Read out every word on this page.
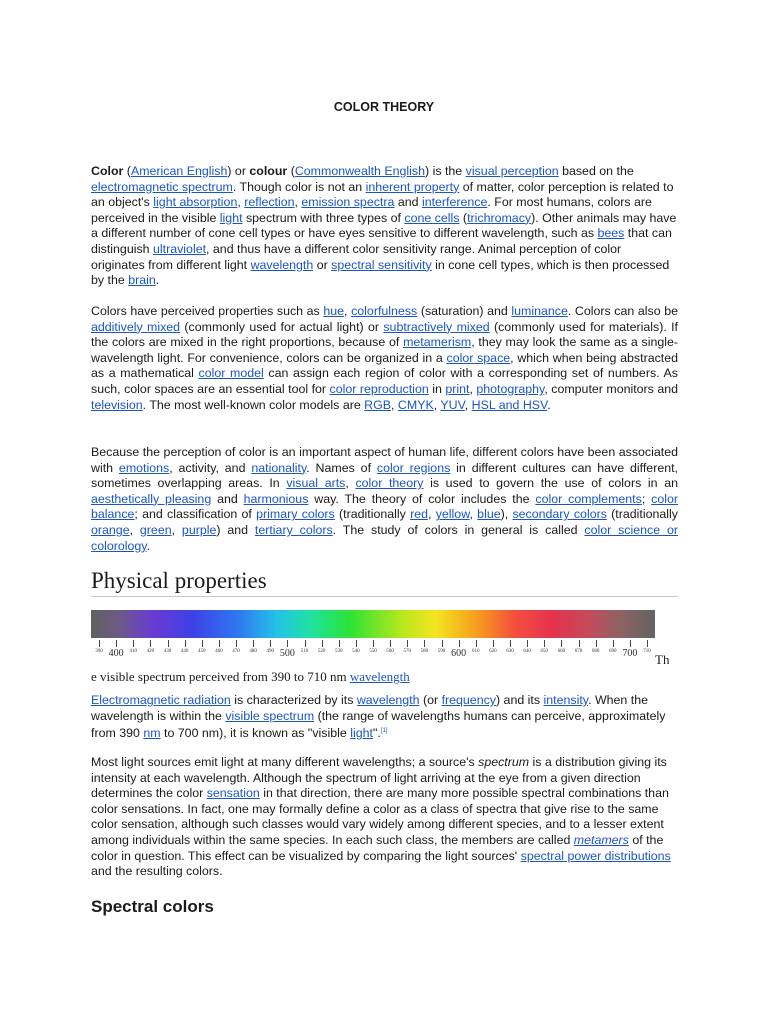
COLOR THEORY
Color (American English) or colour (Commonwealth English) is the visual perception based on the electromagnetic spectrum. Though color is not an inherent property of matter, color perception is related to an object's light absorption, reflection, emission spectra and interference. For most humans, colors are perceived in the visible light spectrum with three types of cone cells (trichromacy). Other animals may have a different number of cone cell types or have eyes sensitive to different wavelength, such as bees that can distinguish ultraviolet, and thus have a different color sensitivity range. Animal perception of color originates from different light wavelength or spectral sensitivity in cone cell types, which is then processed by the brain.
Colors have perceived properties such as hue, colorfulness (saturation) and luminance. Colors can also be additively mixed (commonly used for actual light) or subtractively mixed (commonly used for materials). If the colors are mixed in the right proportions, because of metamerism, they may look the same as a single-wavelength light. For convenience, colors can be organized in a color space, which when being abstracted as a mathematical color model can assign each region of color with a corresponding set of numbers. As such, color spaces are an essential tool for color reproduction in print, photography, computer monitors and television. The most well-known color models are RGB, CMYK, YUV, HSL and HSV.
Because the perception of color is an important aspect of human life, different colors have been associated with emotions, activity, and nationality. Names of color regions in different cultures can have different, sometimes overlapping areas. In visual arts, color theory is used to govern the use of colors in an aesthetically pleasing and harmonious way. The theory of color includes the color complements; color balance; and classification of primary colors (traditionally red, yellow, blue), secondary colors (traditionally orange, green, purple) and tertiary colors. The study of colors in general is called color science or colorology.
Physical properties
390 400 410 420 430 440 450 460 470 480 490 500 510 520 530 540 550 560 570 580 590 600 610 620 630 640 650 660 670 680 690 700 710
Th
e visible spectrum perceived from 390 to 710 nm wavelength
Electromagnetic radiation is characterized by its wavelength (or frequency) and its intensity. When the wavelength is within the visible spectrum (the range of wavelengths humans can perceive, approximately from 390 nm to 700 nm), it is known as "visible light".[1]
Most light sources emit light at many different wavelengths; a source's spectrum is a distribution giving its intensity at each wavelength. Although the spectrum of light arriving at the eye from a given direction determines the color sensation in that direction, there are many more possible spectral combinations than color sensations. In fact, one may formally define a color as a class of spectra that give rise to the same color sensation, although such classes would vary widely among different species, and to a lesser extent among individuals within the same species. In each such class, the members are called metamers of the color in question. This effect can be visualized by comparing the light sources' spectral power distributions and the resulting colors.
Spectral colors
